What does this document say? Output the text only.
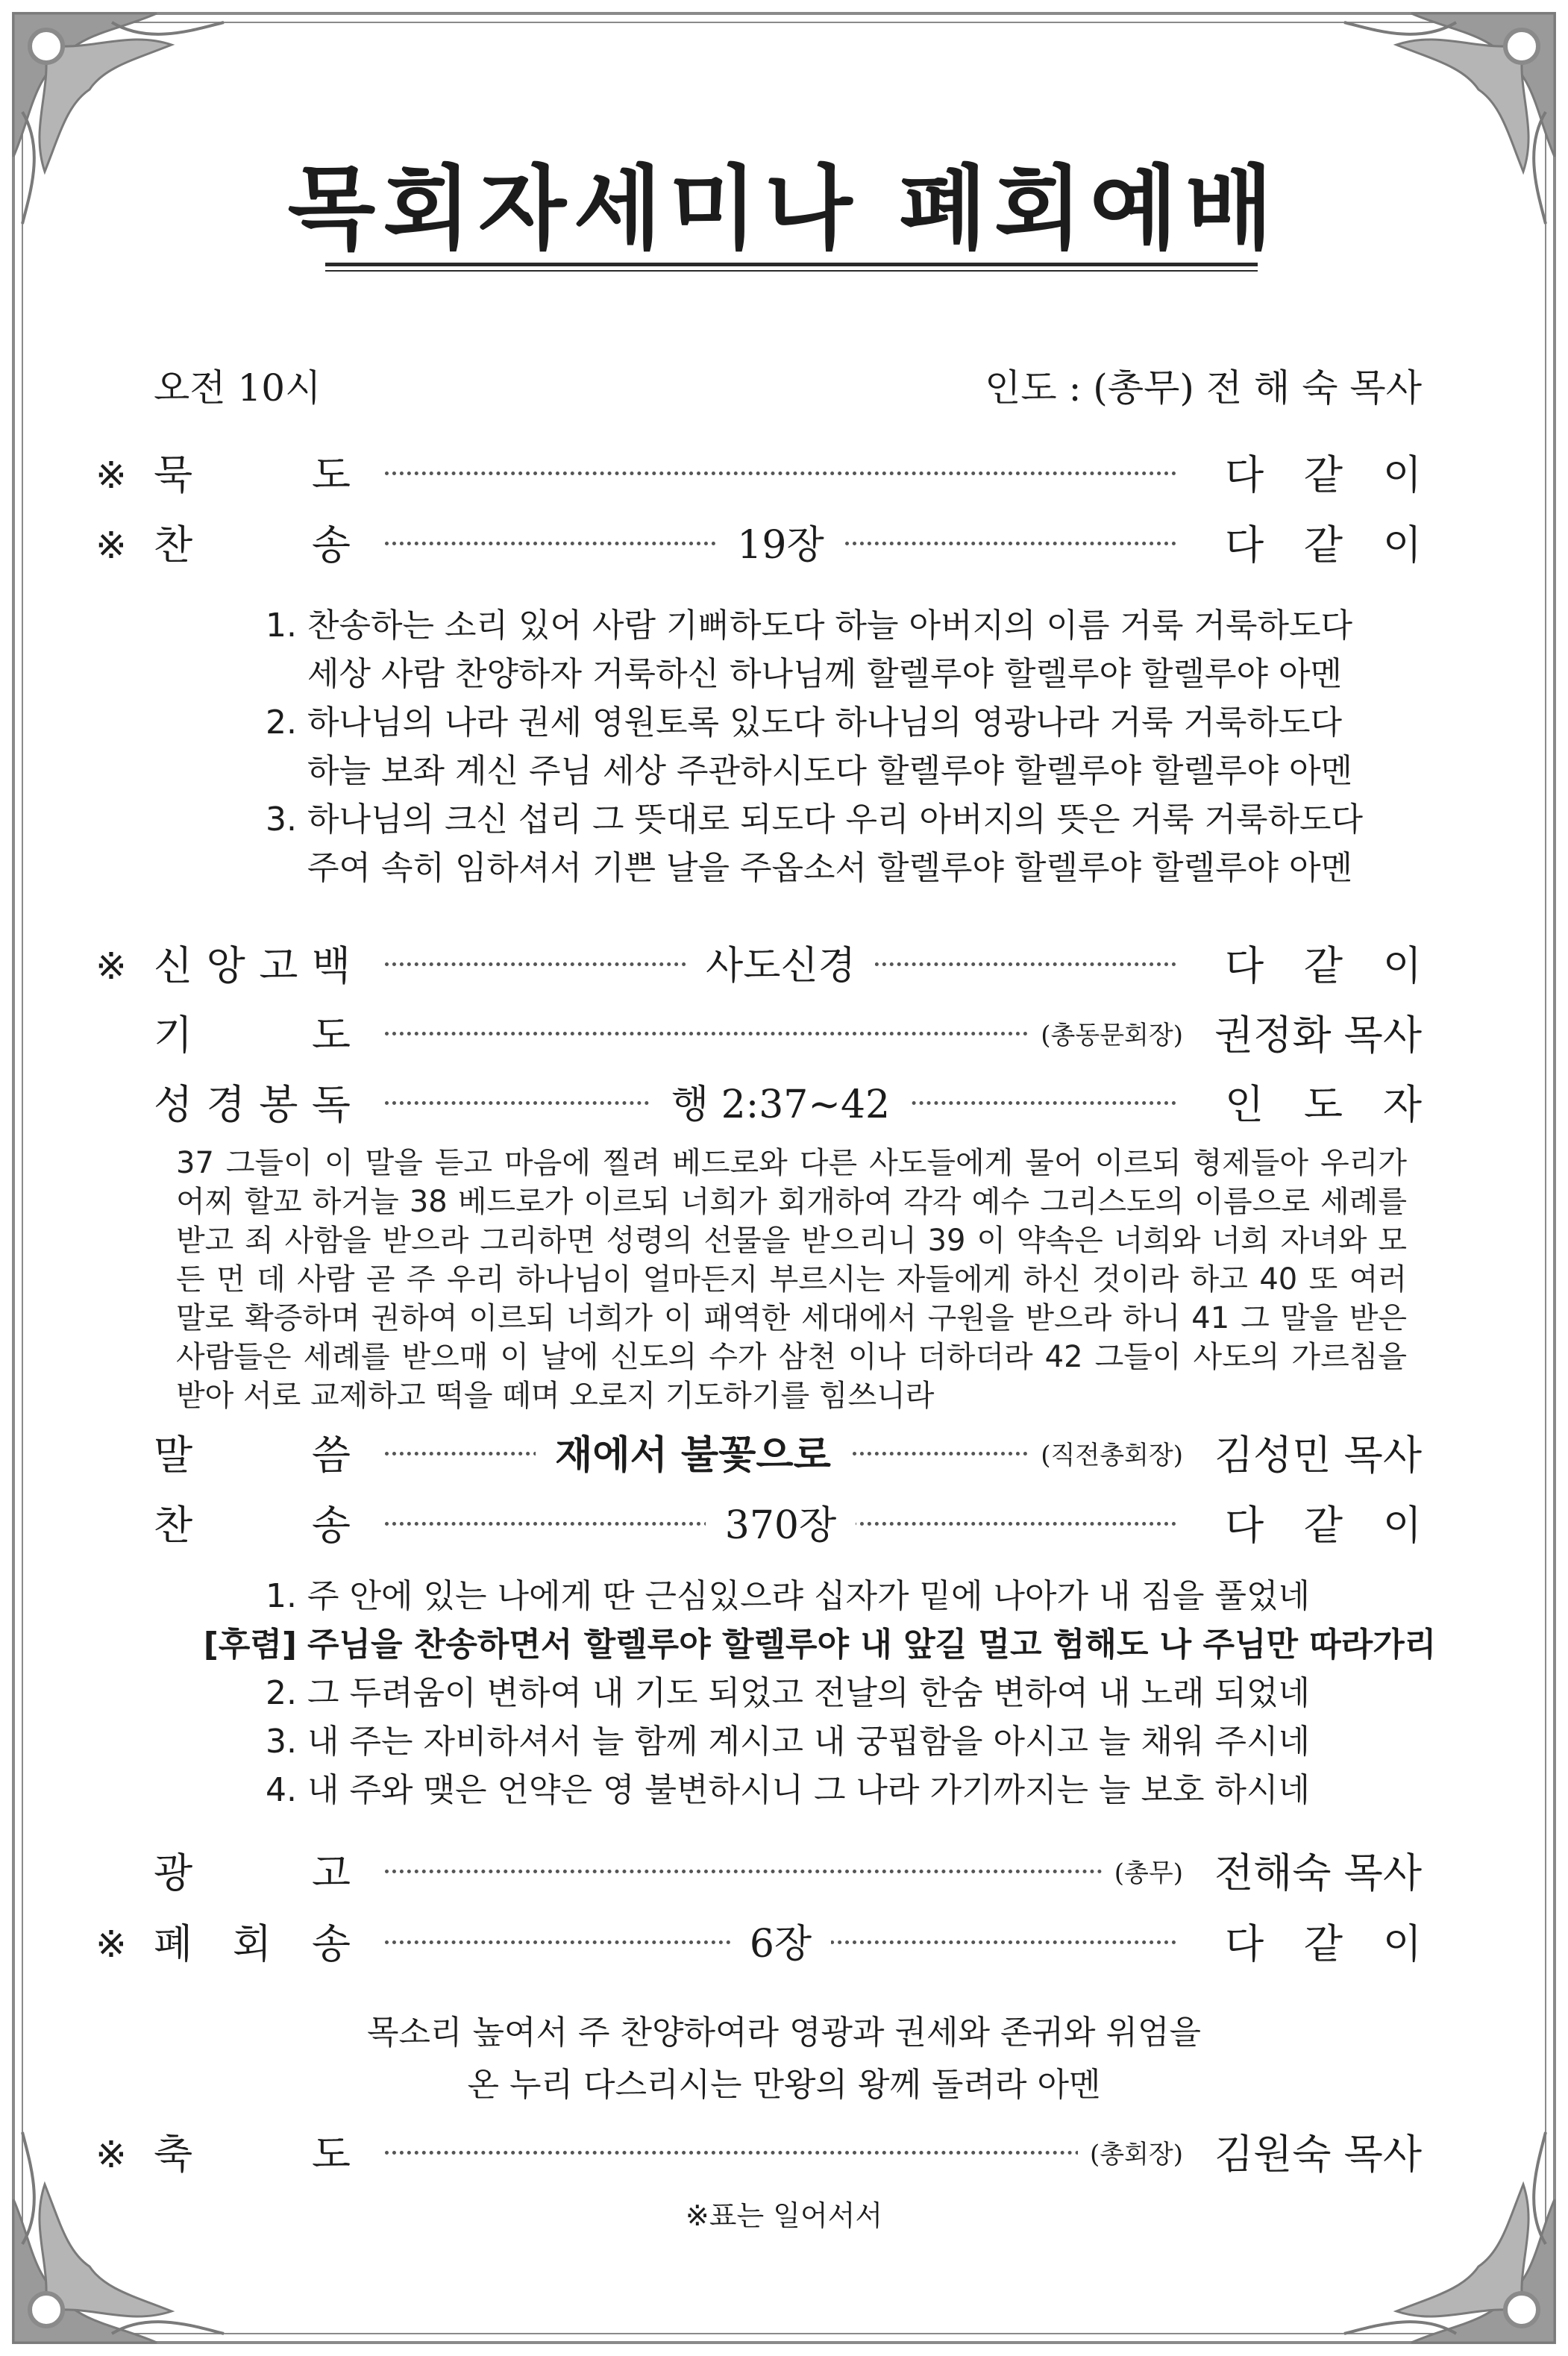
목회자세미나 폐회예배
오전 10시	인도 : (총무) 전 해 숙 목사
※ 묵	도	다 같 이
※ 찬	송	19장	다 같 이
1. 찬송하는 소리 있어 사람 기뻐하도다 하늘 아버지의 이름 거룩 거룩하도다
세상 사람 찬양하자 거룩하신 하나님께 할렐루야 할렐루야 할렐루야 아멘
2. 하나님의 나라 권세 영원토록 있도다 하나님의 영광나라 거룩 거룩하도다
하늘 보좌 계신 주님 세상 주관하시도다 할렐루야 할렐루야 할렐루야 아멘
3. 하나님의 크신 섭리 그 뜻대로 되도다 우리 아버지의 뜻은 거룩 거룩하도다
주여 속히 임하셔서 기쁜 날을 주옵소서 할렐루야 할렐루야 할렐루야 아멘
※ 신 앙 고 백	사도신경	다 같 이
기	도	(총동문회장) 권정화 목사
성 경 봉 독	행 2:37~42	인 도 자
37 그들이 이 말을 듣고 마음에 찔려 베드로와 다른 사도들에게 물어 이르되 형제들아 우리가 어찌 할꼬 하거늘 38 베드로가 이르되 너희가 회개하여 각각 예수 그리스도의 이름으로 세례를 받고 죄 사함을 받으라 그리하면 성령의 선물을 받으리니 39 이 약속은 너희와 너희 자녀와 모든 먼 데 사람 곧 주 우리 하나님이 얼마든지 부르시는 자들에게 하신 것이라 하고 40 또 여러 말로 확증하며 권하여 이르되 너희가 이 패역한 세대에서 구원을 받으라 하니 41 그 말을 받은 사람들은 세례를 받으매 이 날에 신도의 수가 삼천 이나 더하더라 42 그들이 사도의 가르침을 받아 서로 교제하고 떡을 떼며 오로지 기도하기를 힘쓰니라
말	씀	재에서 불꽃으로	(직전총회장) 김성민 목사
찬	송	370장	다 같 이
1. 주 안에 있는 나에게 딴 근심있으랴 십자가 밑에 나아가 내 짐을 풀었네
[후렴] 주님을 찬송하면서 할렐루야 할렐루야 내 앞길 멀고 험해도 나 주님만 따라가리
2. 그 두려움이 변하여 내 기도 되었고 전날의 한숨 변하여 내 노래 되었네
3. 내 주는 자비하셔서 늘 함께 계시고 내 궁핍함을 아시고 늘 채워 주시네
4. 내 주와 맺은 언약은 영 불변하시니 그 나라 가기까지는 늘 보호 하시네
광	고	(총무) 전해숙 목사
※ 폐 회 송	6장	다 같 이
목소리 높여서 주 찬양하여라 영광과 권세와 존귀와 위엄을
온 누리 다스리시는 만왕의 왕께 돌려라 아멘
※ 축	도	(총회장) 김원숙 목사
※표는 일어서서
